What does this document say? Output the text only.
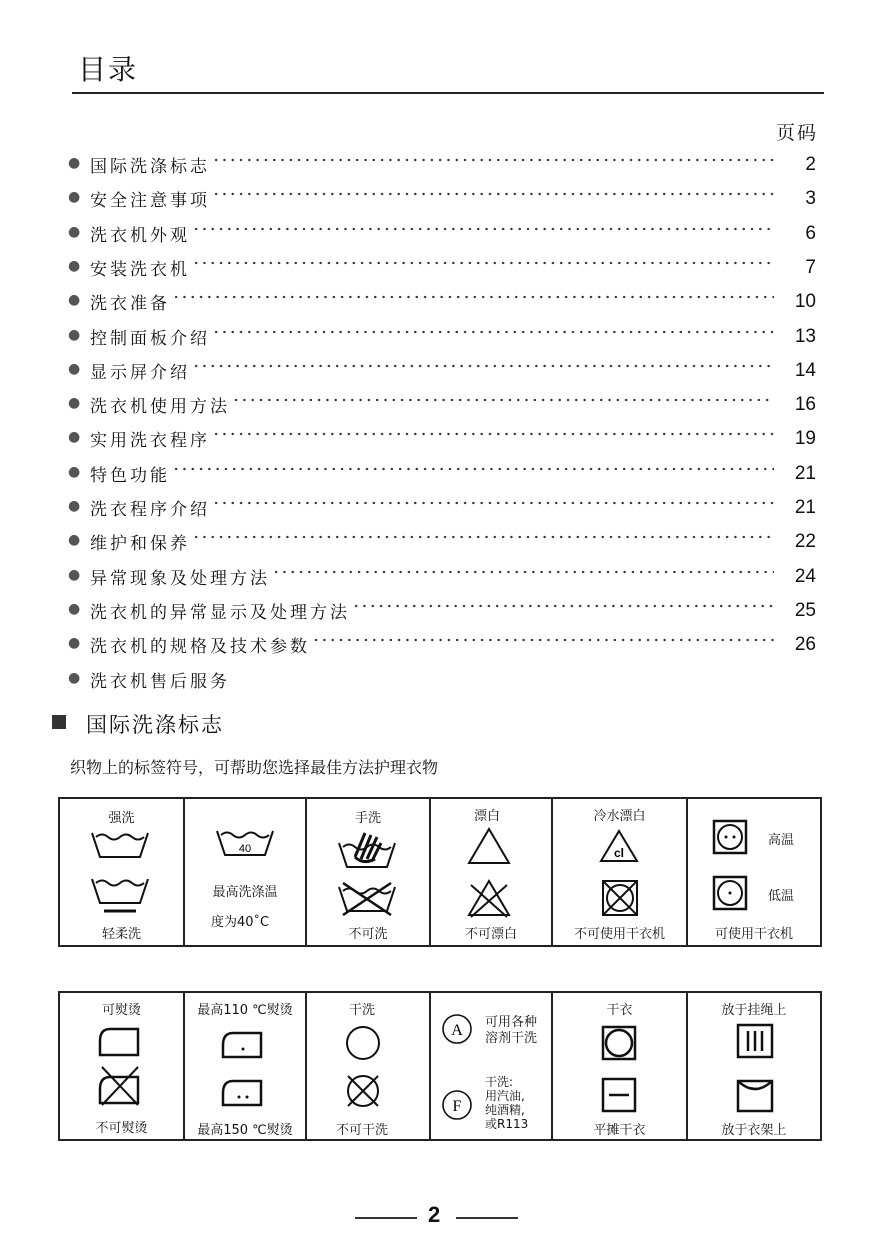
目录
页码
● 国际洗涤标志	2
● 安全注意事项	3
● 洗衣机外观	6
● 安装洗衣机	7
● 洗衣准备	10
● 控制面板介绍	13
● 显示屏介绍	14
● 洗衣机使用方法	16
● 实用洗衣程序	19
● 特色功能	21
● 洗衣程序介绍	21
● 维护和保养	22
● 异常现象及处理方法	24
● 洗衣机的异常显示及处理方法	25
● 洗衣机的规格及技术参数	26
● 洗衣机售后服务
国际洗涤标志
织物上的标签符号，可帮助您选择最佳方法护理衣物
强洗
轻柔洗

40
最高洗涤温
度为40˚C

手洗
不可洗

漂白
不可漂白

冷水漂白
cl
不可使用干衣机

高温
低温
可使用干衣机
可熨烫
不可熨烫

最高110 ℃熨烫
最高150 ℃熨烫

干洗
不可干洗

A 可用各种
溶剂干洗
F
干洗:
用汽油,
纯酒精,
或R113

干衣
平摊干衣

放于挂绳上
放于衣架上
2
